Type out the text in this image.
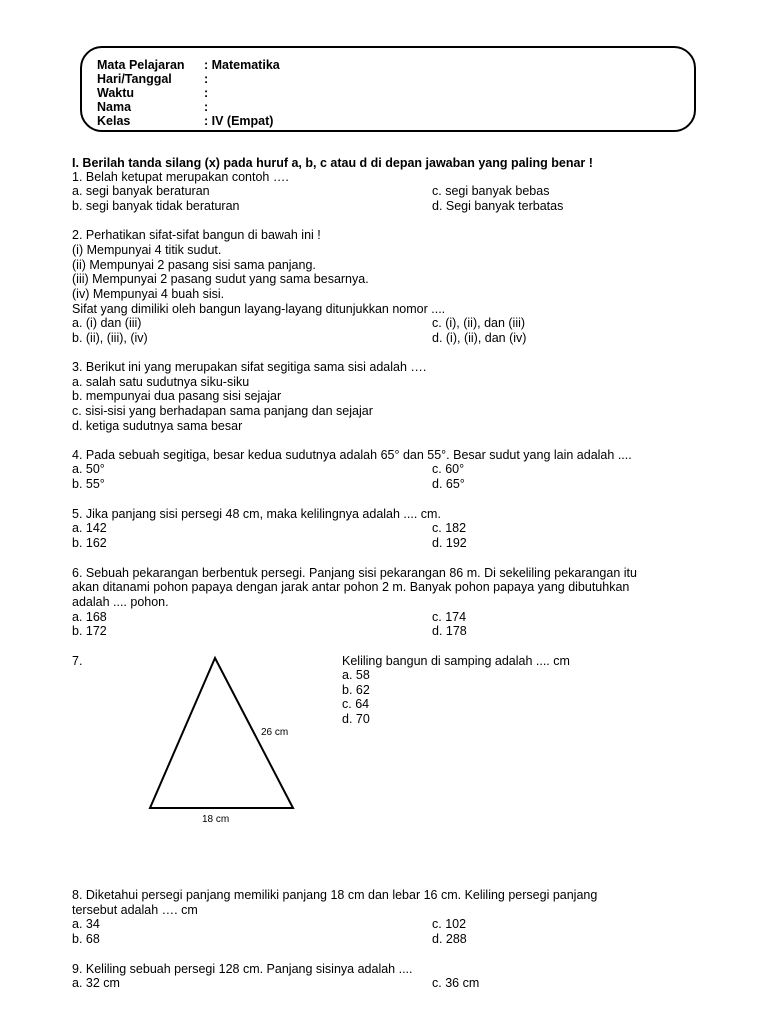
Mata Pelajaran : Matematika
Hari/Tanggal	:
Waktu	:
Nama	:
Kelas	: IV (Empat)
I. Berilah tanda silang (x) pada huruf a, b, c atau d di depan jawaban yang paling benar !
1. Belah ketupat merupakan contoh ….
a. segi banyak beraturan	c. segi banyak bebas
b. segi banyak tidak beraturan	d. Segi banyak terbatas
2. Perhatikan sifat-sifat bangun di bawah ini !
(i) Mempunyai 4 titik sudut.
(ii) Mempunyai 2 pasang sisi sama panjang.
(iii) Mempunyai 2 pasang sudut yang sama besarnya.
(iv) Mempunyai 4 buah sisi.
Sifat yang dimiliki oleh bangun layang-layang ditunjukkan nomor ....
a. (i) dan (iii)	c. (i), (ii), dan (iii)
b. (ii), (iii), (iv)	d. (i), (ii), dan (iv)
3. Berikut ini yang merupakan sifat segitiga sama sisi adalah ….
a. salah satu sudutnya siku-siku
b. mempunyai dua pasang sisi sejajar
c. sisi-sisi yang berhadapan sama panjang dan sejajar
d. ketiga sudutnya sama besar
4. Pada sebuah segitiga, besar kedua sudutnya adalah 65° dan 55°. Besar sudut yang lain adalah ....
a. 50°	c. 60°
b. 55°	d. 65°
5. Jika panjang sisi persegi 48 cm, maka kelilingnya adalah .... cm.
a. 142	c. 182
b. 162	d. 192
6. Sebuah pekarangan berbentuk persegi. Panjang sisi pekarangan 86 m. Di sekeliling pekarangan itu
akan ditanami pohon papaya dengan jarak antar pohon 2 m. Banyak pohon papaya yang dibutuhkan
adalah .... pohon.
a. 168	c. 174
b. 172	d. 178
7.
26 cm
18 cm
Keliling bangun di samping adalah .... cm
a. 58
b. 62
c. 64
d. 70
8. Diketahui persegi panjang memiliki panjang 18 cm dan lebar 16 cm. Keliling persegi panjang
tersebut adalah …. cm
a. 34	c. 102
b. 68	d. 288
9. Keliling sebuah persegi 128 cm. Panjang sisinya adalah ....
a. 32 cm	c. 36 cm
